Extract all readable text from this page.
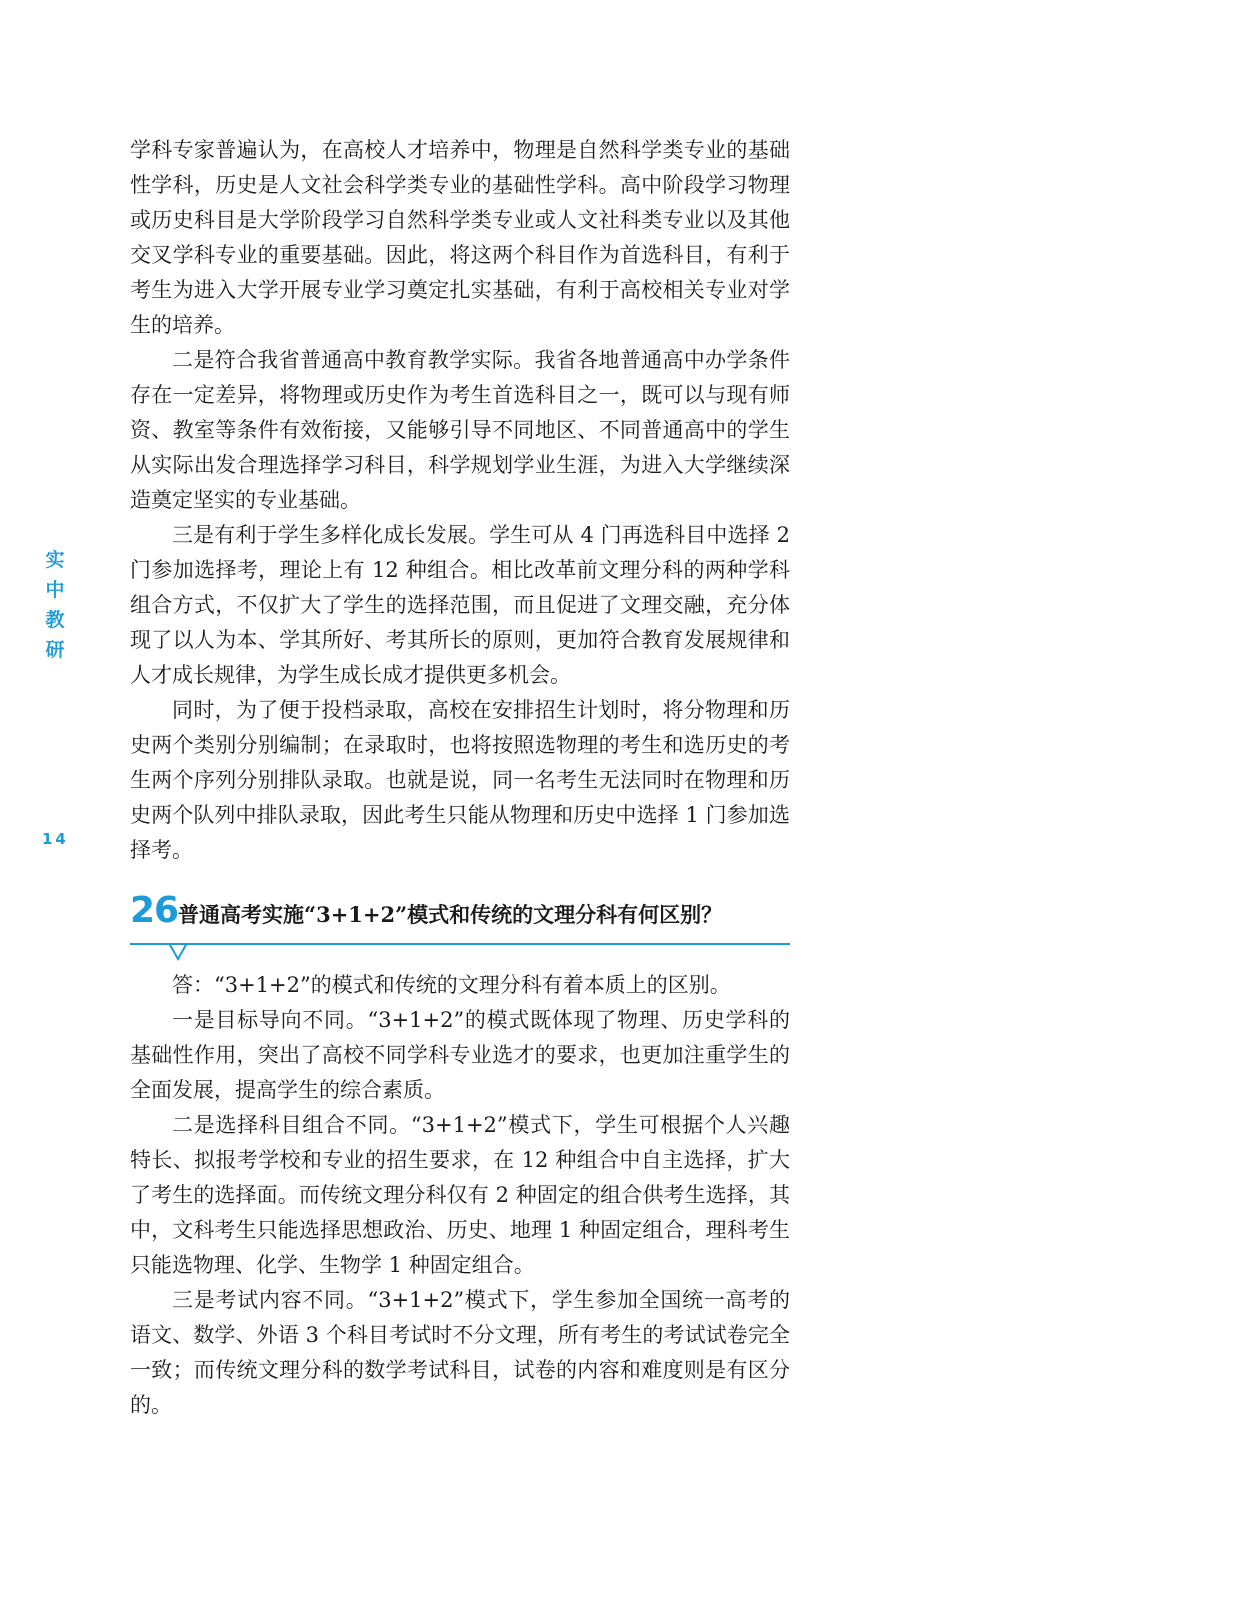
实
中
教
研
14

学科专家普遍认为，在高校人才培养中，物理是自然科学类专业的基础性学科，历史是人文社会科学类专业的基础性学科。高中阶段学习物理或历史科目是大学阶段学习自然科学类专业或人文社科类专业以及其他交叉学科专业的重要基础。因此，将这两个科目作为首选科目，有利于考生为进入大学开展专业学习奠定扎实基础，有利于高校相关专业对学生的培养。

二是符合我省普通高中教育教学实际。我省各地普通高中办学条件存在一定差异，将物理或历史作为考生首选科目之一，既可以与现有师资、教室等条件有效衔接，又能够引导不同地区、不同普通高中的学生从实际出发合理选择学习科目，科学规划学业生涯，为进入大学继续深造奠定坚实的专业基础。

三是有利于学生多样化成长发展。学生可从 4 门再选科目中选择 2 门参加选择考，理论上有 12 种组合。相比改革前文理分科的两种学科组合方式，不仅扩大了学生的选择范围，而且促进了文理交融，充分体现了以人为本、学其所好、考其所长的原则，更加符合教育发展规律和人才成长规律，为学生成长成才提供更多机会。

同时，为了便于投档录取，高校在安排招生计划时，将分物理和历史两个类别分别编制；在录取时，也将按照选物理的考生和选历史的考生两个序列分别排队录取。也就是说，同一名考生无法同时在物理和历史两个队列中排队录取，因此考生只能从物理和历史中选择 1 门参加选择考。

26 普通高考实施“3+1+2”模式和传统的文理分科有何区别？

答：“3+1+2”的模式和传统的文理分科有着本质上的区别。

一是目标导向不同。“3+1+2”的模式既体现了物理、历史学科的基础性作用，突出了高校不同学科专业选才的要求，也更加注重学生的全面发展，提高学生的综合素质。

二是选择科目组合不同。“3+1+2”模式下，学生可根据个人兴趣特长、拟报考学校和专业的招生要求，在 12 种组合中自主选择，扩大了考生的选择面。而传统文理分科仅有 2 种固定的组合供考生选择，其中，文科考生只能选择思想政治、历史、地理 1 种固定组合，理科考生只能选物理、化学、生物学 1 种固定组合。

三是考试内容不同。“3+1+2”模式下，学生参加全国统一高考的语文、数学、外语 3 个科目考试时不分文理，所有考生的考试试卷完全一致；而传统文理分科的数学考试科目，试卷的内容和难度则是有区分的。
